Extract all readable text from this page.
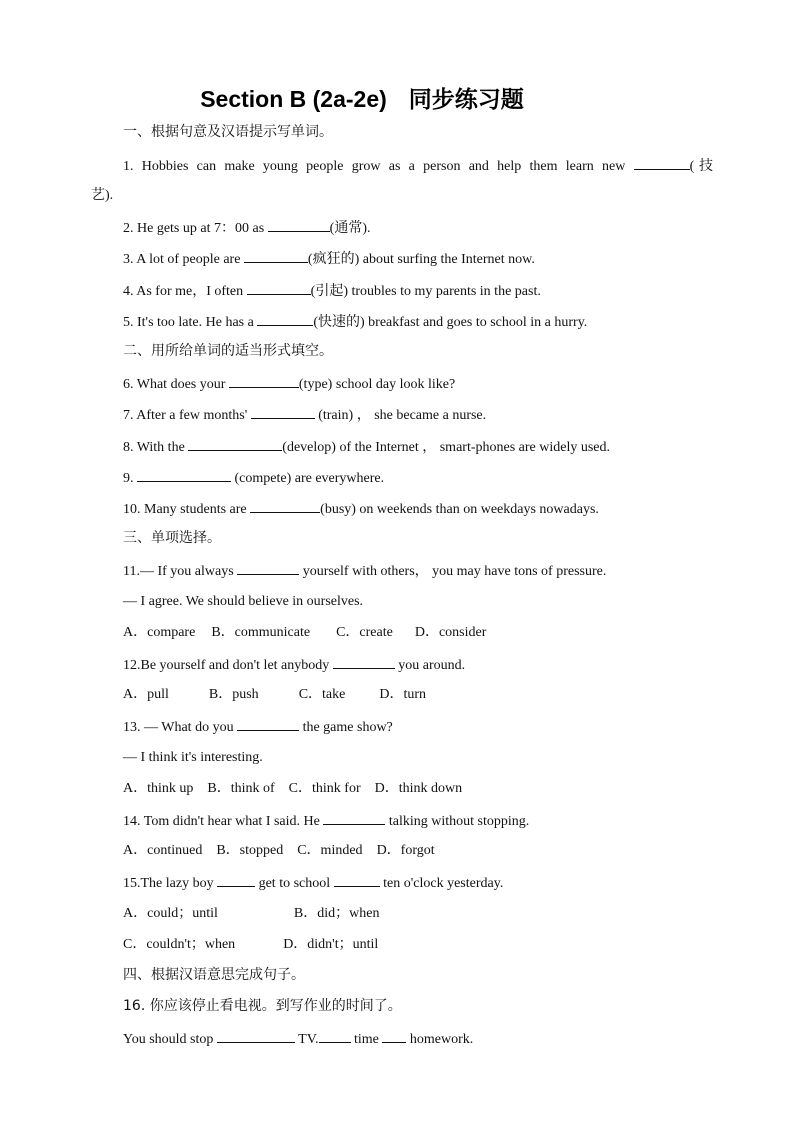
Section B (2a-2e) 同步练习题
一、根据句意及汉语提示写单词。
1. Hobbies can make young people grow as a person and help them learn new	(技
艺).
2. He gets up at 7：00 as	(通常).
3. A lot of people are	(疯狂的) about surfing the Internet now.
4. As for me，I often	(引起) troubles to my parents in the past.
5. It's too late. He has a	(快速的) breakfast and goes to school in a hurry.
二、用所给单词的适当形式填空。
6. What does your	(type) school day look like?
7. After a few months'	(train) ， she became a nurse.
8. With the	(develop) of the Internet ， smart-phones are widely used.
9.	(compete) are everywhere.
10. Many students are	(busy) on weekends than on weekdays nowadays.
三、单项选择。
11.— If you always	yourself with others， you may have tons of pressure.
— I agree. We should believe in ourselves.
A．compare B．communicate C．create D．consider
12.Be yourself and don't let anybody	you around.
A．pull	B．push	C．take D．turn
13. — What do you	the game show?
— I think it's interesting.
A．think up B．think of C．think for D．think down
14. Tom didn't hear what I said. He	talking without stopping.
A．continued B．stopped C．minded D．forgot
15.The lazy boy	get to school	ten o'clock yesterday.
A．could；until	B．did；when
C．couldn't；when	D．didn't；until
四、根据汉语意思完成句子。
16. 你应该停止看电视。到写作业的时间了。
You should stop	TV.	time homework.
